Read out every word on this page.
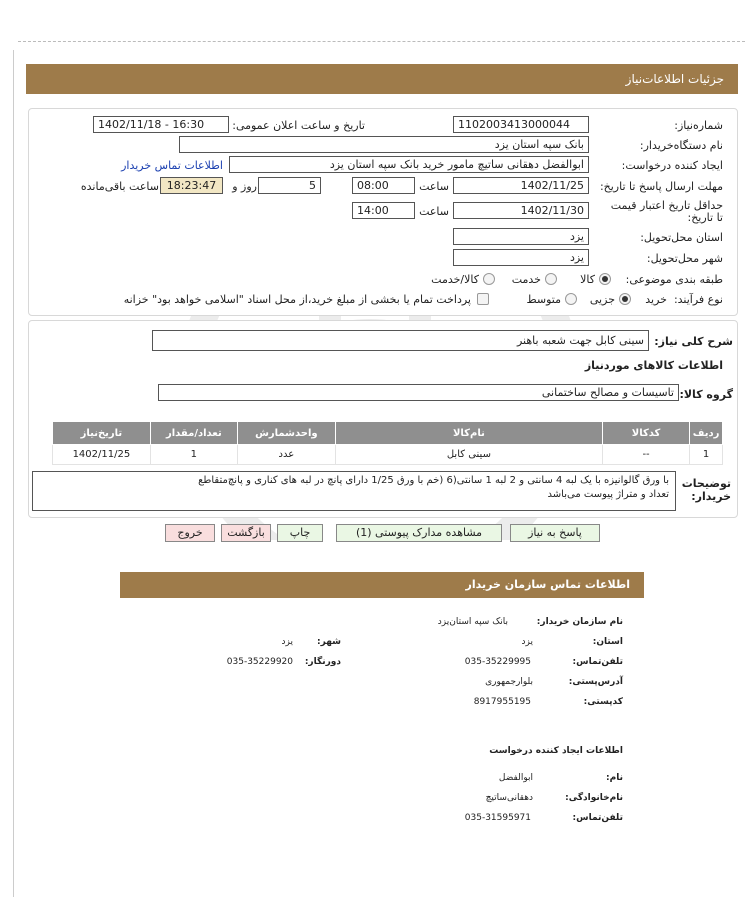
جزئیات اطلاعات‌نیاز
شماره‌نیاز:
1102003413000044
تاریخ و ساعت اعلان عمومی:
1402/11/18 - 16:30
نام دستگاه‌خریدار:
بانک سپه استان یزد
ایجاد کننده درخواست:
ابوالفضل دهقانی ساتیچ مامور خرید بانک سپه استان یزد
اطلاعات تماس خریدار
مهلت ارسال پاسخ تا تاریخ:
1402/11/25
ساعت
08:00
5
روز و
18:23:47
ساعت باقی‌مانده
حداقل تاریخ اعتبار قیمت
تا تاریخ:
1402/11/30
ساعت
14:00
استان محل‌تحویل:
یزد
شهر محل‌تحویل:
یزد
طبقه بندی موضوعی:
کالا
خدمت
کالا/خدمت
نوع فرآیند:
خرید
جزیی
متوسط
پرداخت تمام یا بخشی از مبلغ خرید،از محل اسناد "اسلامی خواهد بود" خزانه
شرح کلی نیاز:
سینی کابل جهت شعبه باهنر
اطلاعات کالاهای موردنیاز
گروه کالا:
تاسیسات و مصالح ساختمانی
ردیف	کدکالا	نام‌کالا	واحدشمارش	تعداد/مقدار	تاریخ‌نیاز
1	--	سینی کابل	عدد	1	1402/11/25
توضیحات
خریدار:
با ورق گالوانیزه با یک لبه 4 سانتی و 2 لبه 1 سانتی(6 (خم با ورق 1/25 دارای پانچ در لبه های کناری و پانچ‌متقاطع
تعداد و متراژ پیوست می‌باشد
پاسخ به نیاز
مشاهده مدارک پیوستی (1)
چاپ
بازگشت
خروج
اطلاعات تماس سازمان خریدار
نام سازمان خریدار:
بانک سپه استان‌یزد
استان:
یزد
شهر:
یزد
تلفن‌تماس:
035-35229995
دورنگار:
035-35229920
آدرس‌پستی:
بلوارجمهوری
کدپستی:
8917955195
اطلاعات ایجاد کننده درخواست
نام:
ابوالفضل
نام‌خانوادگی:
دهقانی‌ساتیچ
تلفن‌تماس:
035-31595971
